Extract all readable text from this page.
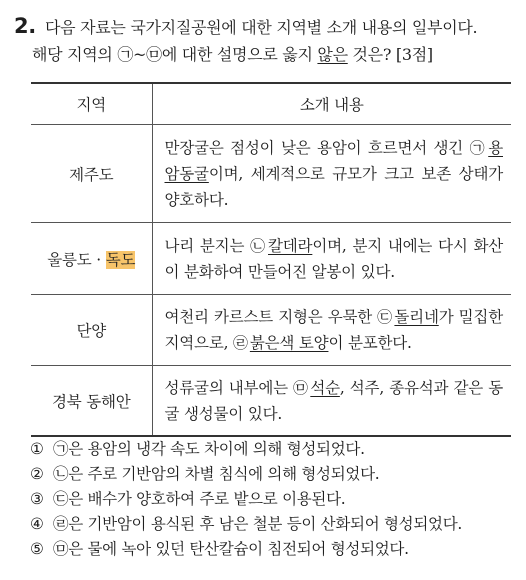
2. 다음 자료는 국가지질공원에 대한 지역별 소개 내용의 일부이다.
해당 지역의 ㉠~㉤에 대한 설명으로 옳지 않은 것은? [3점]
지역	소개 내용
제주도	만장굴은 점성이 낮은 용암이 흐르면서 생긴 ㉠ 용암동굴이며, 세계적으로 규모가 크고 보존 상태가 양호하다.
울릉도 · 독도	나리 분지는 ㉡ 칼데라이며, 분지 내에는 다시 화산이 분화하여 만들어진 알봉이 있다.
단양	여천리 카르스트 지형은 우묵한 ㉢ 돌리네가 밀집한 지역으로, ㉣ 붉은색 토양이 분포한다.
경북 동해안	성류굴의 내부에는 ㉤ 석순, 석주, 종유석과 같은 동굴 생성물이 있다.
① ㉠은 용암의 냉각 속도 차이에 의해 형성되었다.
② ㉡은 주로 기반암의 차별 침식에 의해 형성되었다.
③ ㉢은 배수가 양호하여 주로 밭으로 이용된다.
④ ㉣은 기반암이 용식된 후 남은 철분 등이 산화되어 형성되었다.
⑤ ㉤은 물에 녹아 있던 탄산칼슘이 침전되어 형성되었다.
